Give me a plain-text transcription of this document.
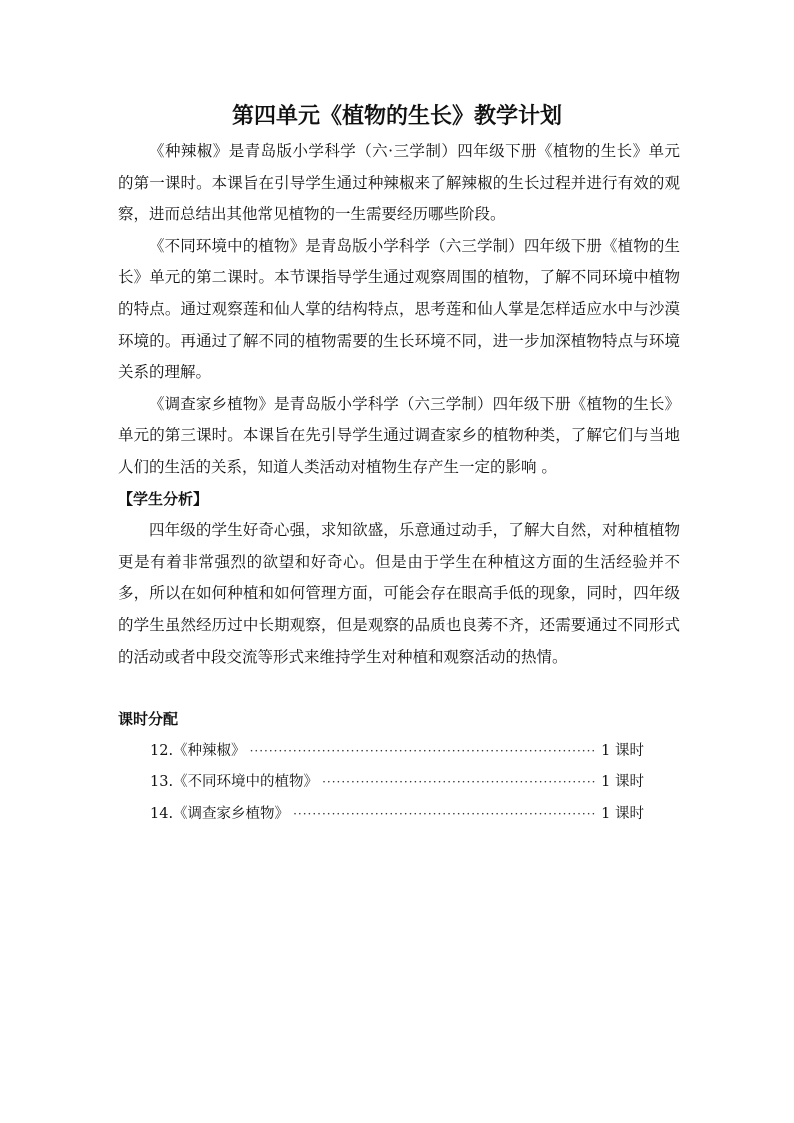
第四单元《植物的生长》教学计划

《种辣椒》是青岛版小学科学（六·三学制）四年级下册《植物的生长》单元的第一课时。本课旨在引导学生通过种辣椒来了解辣椒的生长过程并进行有效的观察，进而总结出其他常见植物的一生需要经历哪些阶段。

《不同环境中的植物》是青岛版小学科学（六三学制）四年级下册《植物的生长》单元的第二课时。本节课指导学生通过观察周围的植物，了解不同环境中植物的特点。通过观察莲和仙人掌的结构特点，思考莲和仙人掌是怎样适应水中与沙漠环境的。再通过了解不同的植物需要的生长环境不同，进一步加深植物特点与环境关系的理解。

《调查家乡植物》是青岛版小学科学（六三学制）四年级下册《植物的生长》单元的第三课时。本课旨在先引导学生通过调查家乡的植物种类，了解它们与当地人们的生活的关系，知道人类活动对植物生存产生一定的影响 。

【学生分析】

四年级的学生好奇心强，求知欲盛，乐意通过动手，了解大自然，对种植植物更是有着非常强烈的欲望和好奇心。但是由于学生在种植这方面的生活经验并不多，所以在如何种植和如何管理方面，可能会存在眼高手低的现象，同时，四年级的学生虽然经历过中长期观察，但是观察的品质也良莠不齐，还需要通过不同形式的活动或者中段交流等形式来维持学生对种植和观察活动的热情。

课时分配

12.《种辣椒》 ·····	1 课时
13.《不同环境中的植物》 ·····	1 课时
14.《调查家乡植物》 ·····	1 课时
